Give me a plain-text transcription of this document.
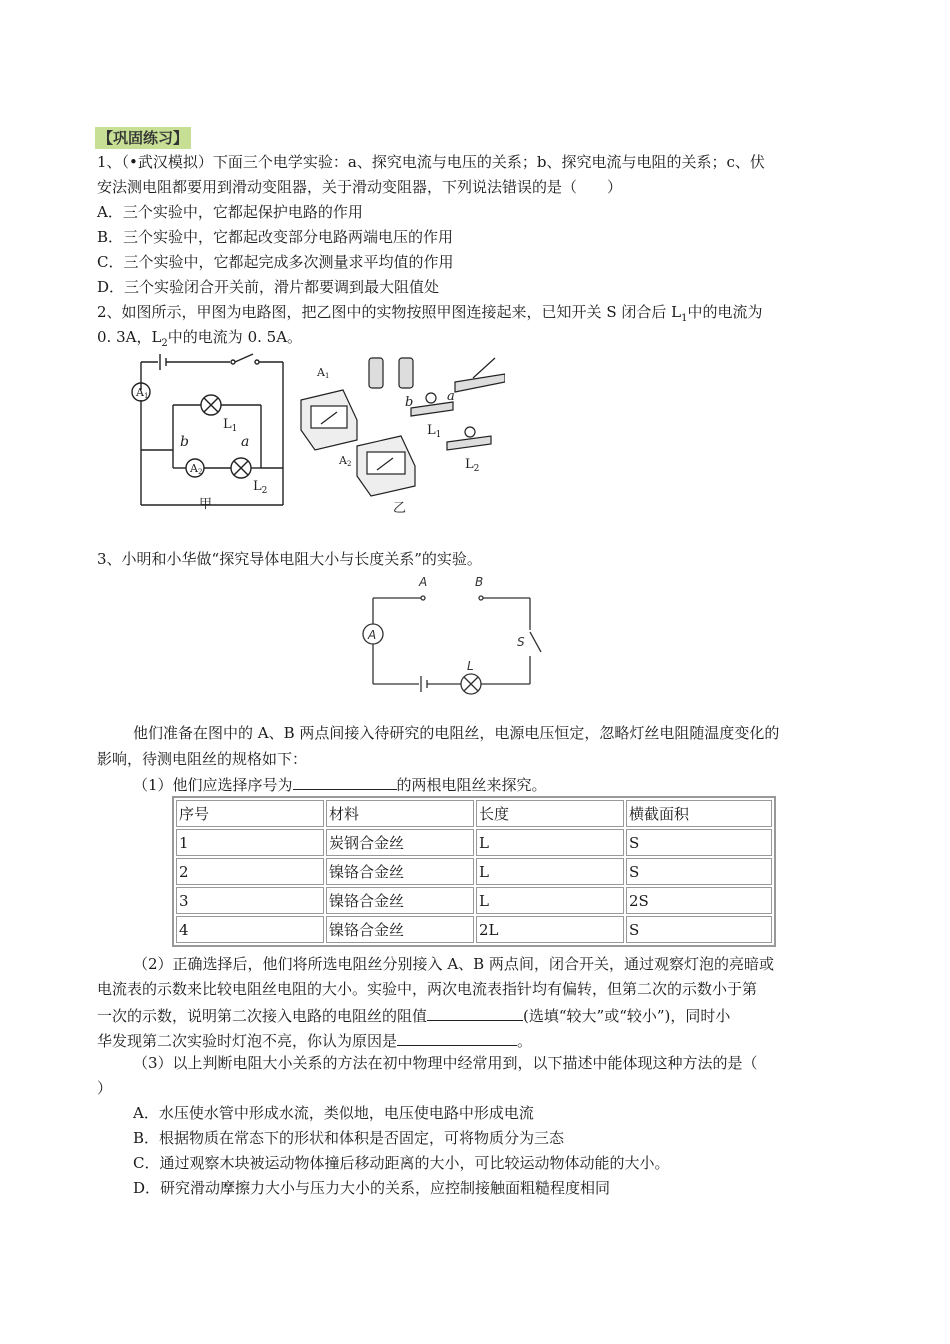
【巩固练习】
1、（•武汉模拟）下面三个电学实验：a、探究电流与电压的关系；b、探究电流与电阻的关系；c、伏
安法测电阻都要用到滑动变阻器，关于滑动变阻器，下列说法错误的是（　　）
A．三个实验中，它都起保护电路的作用
B．三个实验中，它都起改变部分电路两端电压的作用
C．三个实验中，它都起完成多次测量求平均值的作用
D．三个实验闭合开关前，滑片都要调到最大阻值处
2、如图所示，甲图为电路图，把乙图中的实物按照甲图连接起来，已知开关 S 闭合后 $L_1$中的电流为
0. 3A，$L_2$中的电流为 0. 5A。
A1
A2
$L_1$
$L_2$
b	a
甲
A1
A2
b	a
$L_1$
$L_2$
乙
3、小明和小华做“探究导体电阻大小与长度关系”的实验。
A
A	B
S
L
他们准备在图中的 A、B 两点间接入待研究的电阻丝，电源电压恒定，忽略灯丝电阻随温度变化的
影响，待测电阻丝的规格如下：
（1）他们应选择序号为	的两根电阻丝来探究。
序号	材料	长度	横截面积
1	炭钢合金丝	L	S
2	镍铬合金丝	L	S
3	镍铬合金丝	L	2S
4	镍铬合金丝	2L	S
（2）正确选择后，他们将所选电阻丝分别接入 A、B 两点间，闭合开关，通过观察灯泡的亮暗或
电流表的示数来比较电阻丝电阻的大小。实验中，两次电流表指针均有偏转，但第二次的示数小于第
一次的示数，说明第二次接入电路的电阻丝的阻值	(选填“较大”或“较小”)，同时小
华发现第二次实验时灯泡不亮，你认为原因是	。
（3）以上判断电阻大小关系的方法在初中物理中经常用到，以下描述中能体现这种方法的是（
）
A．水压使水管中形成水流，类似地，电压使电路中形成电流
B．根据物质在常态下的形状和体积是否固定，可将物质分为三态
C．通过观察木块被运动物体撞后移动距离的大小，可比较运动物体动能的大小。
D．研究滑动摩擦力大小与压力大小的关系，应控制接触面粗糙程度相同
